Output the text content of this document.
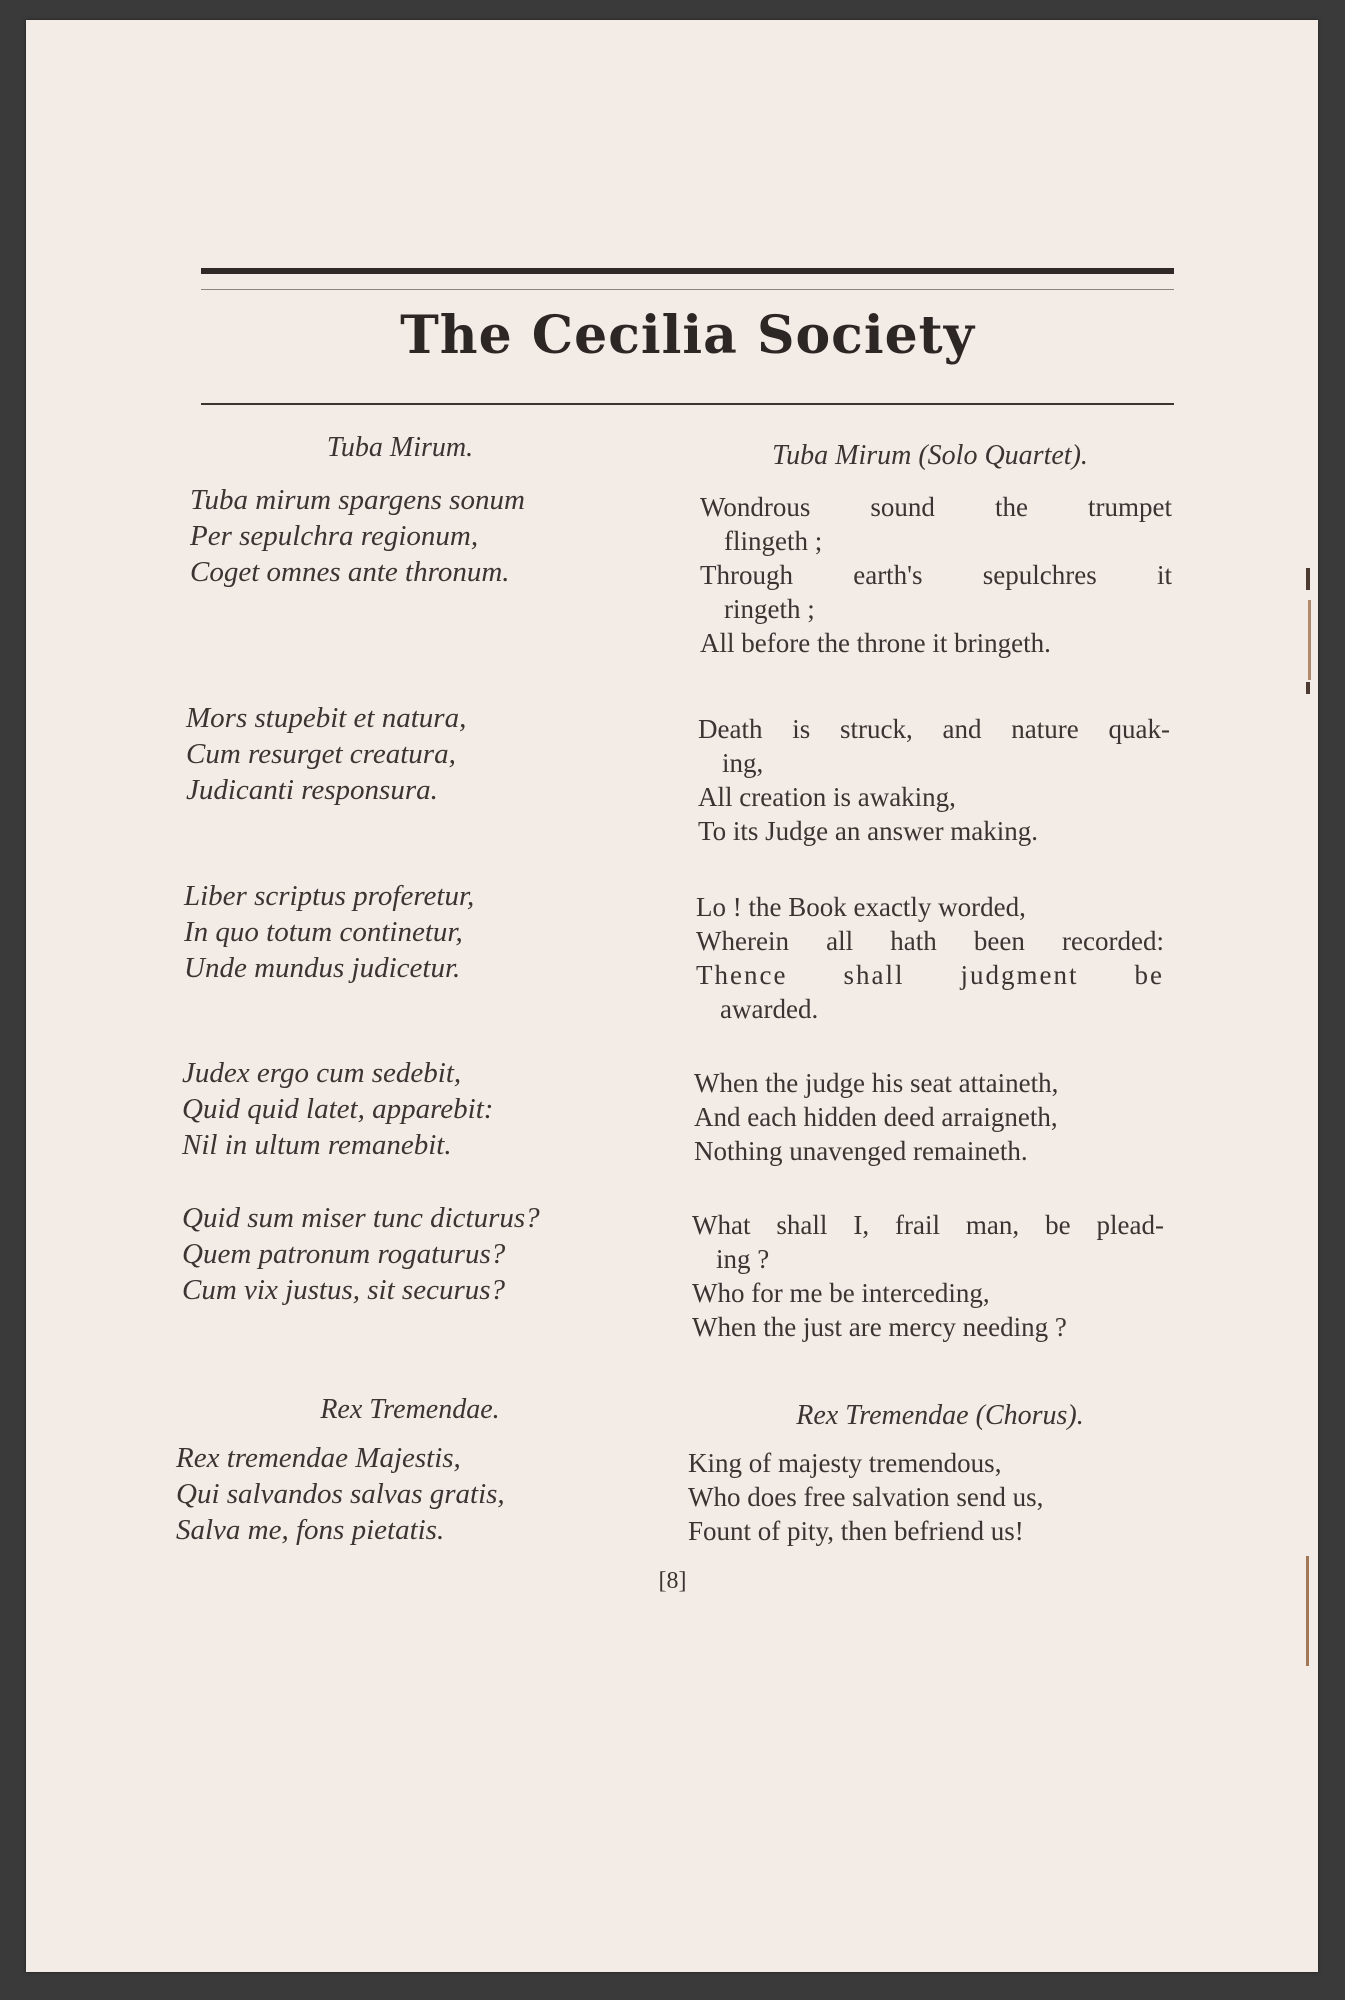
The Cecilia Society
Tuba Mirum.

Tuba mirum spargens sonum

Per sepulchra regionum,

Coget omnes ante thronum.

Mors stupebit et natura,

Cum resurget creatura,

Judicanti responsura.

Liber scriptus proferetur,

In quo totum continetur,

Unde mundus judicetur.

Judex ergo cum sedebit,

Quid quid latet, apparebit:

Nil in ultum remanebit.

Quid sum miser tunc dicturus?

Quem patronum rogaturus?

Cum vix justus, sit securus?

Rex Tremendae.

Rex tremendae Majestis,

Qui salvandos salvas gratis,

Salva me, fons pietatis.

Tuba Mirum (Solo Quartet).

Wondrous sound the trumpet

flingeth ;

Through earth's sepulchres it

ringeth ;

All before the throne it bringeth.

Death is struck, and nature quak-

ing,

All creation is awaking,

To its Judge an answer making.

Lo ! the Book exactly worded,

Wherein all hath been recorded:

Thence shall judgment be

awarded.

When the judge his seat attaineth,

And each hidden deed arraigneth,

Nothing unavenged remaineth.

What shall I, frail man, be plead-

ing ?

Who for me be interceding,

When the just are mercy needing ?

Rex Tremendae (Chorus).

King of majesty tremendous,

Who does free salvation send us,

Fount of pity, then befriend us!

[8]
